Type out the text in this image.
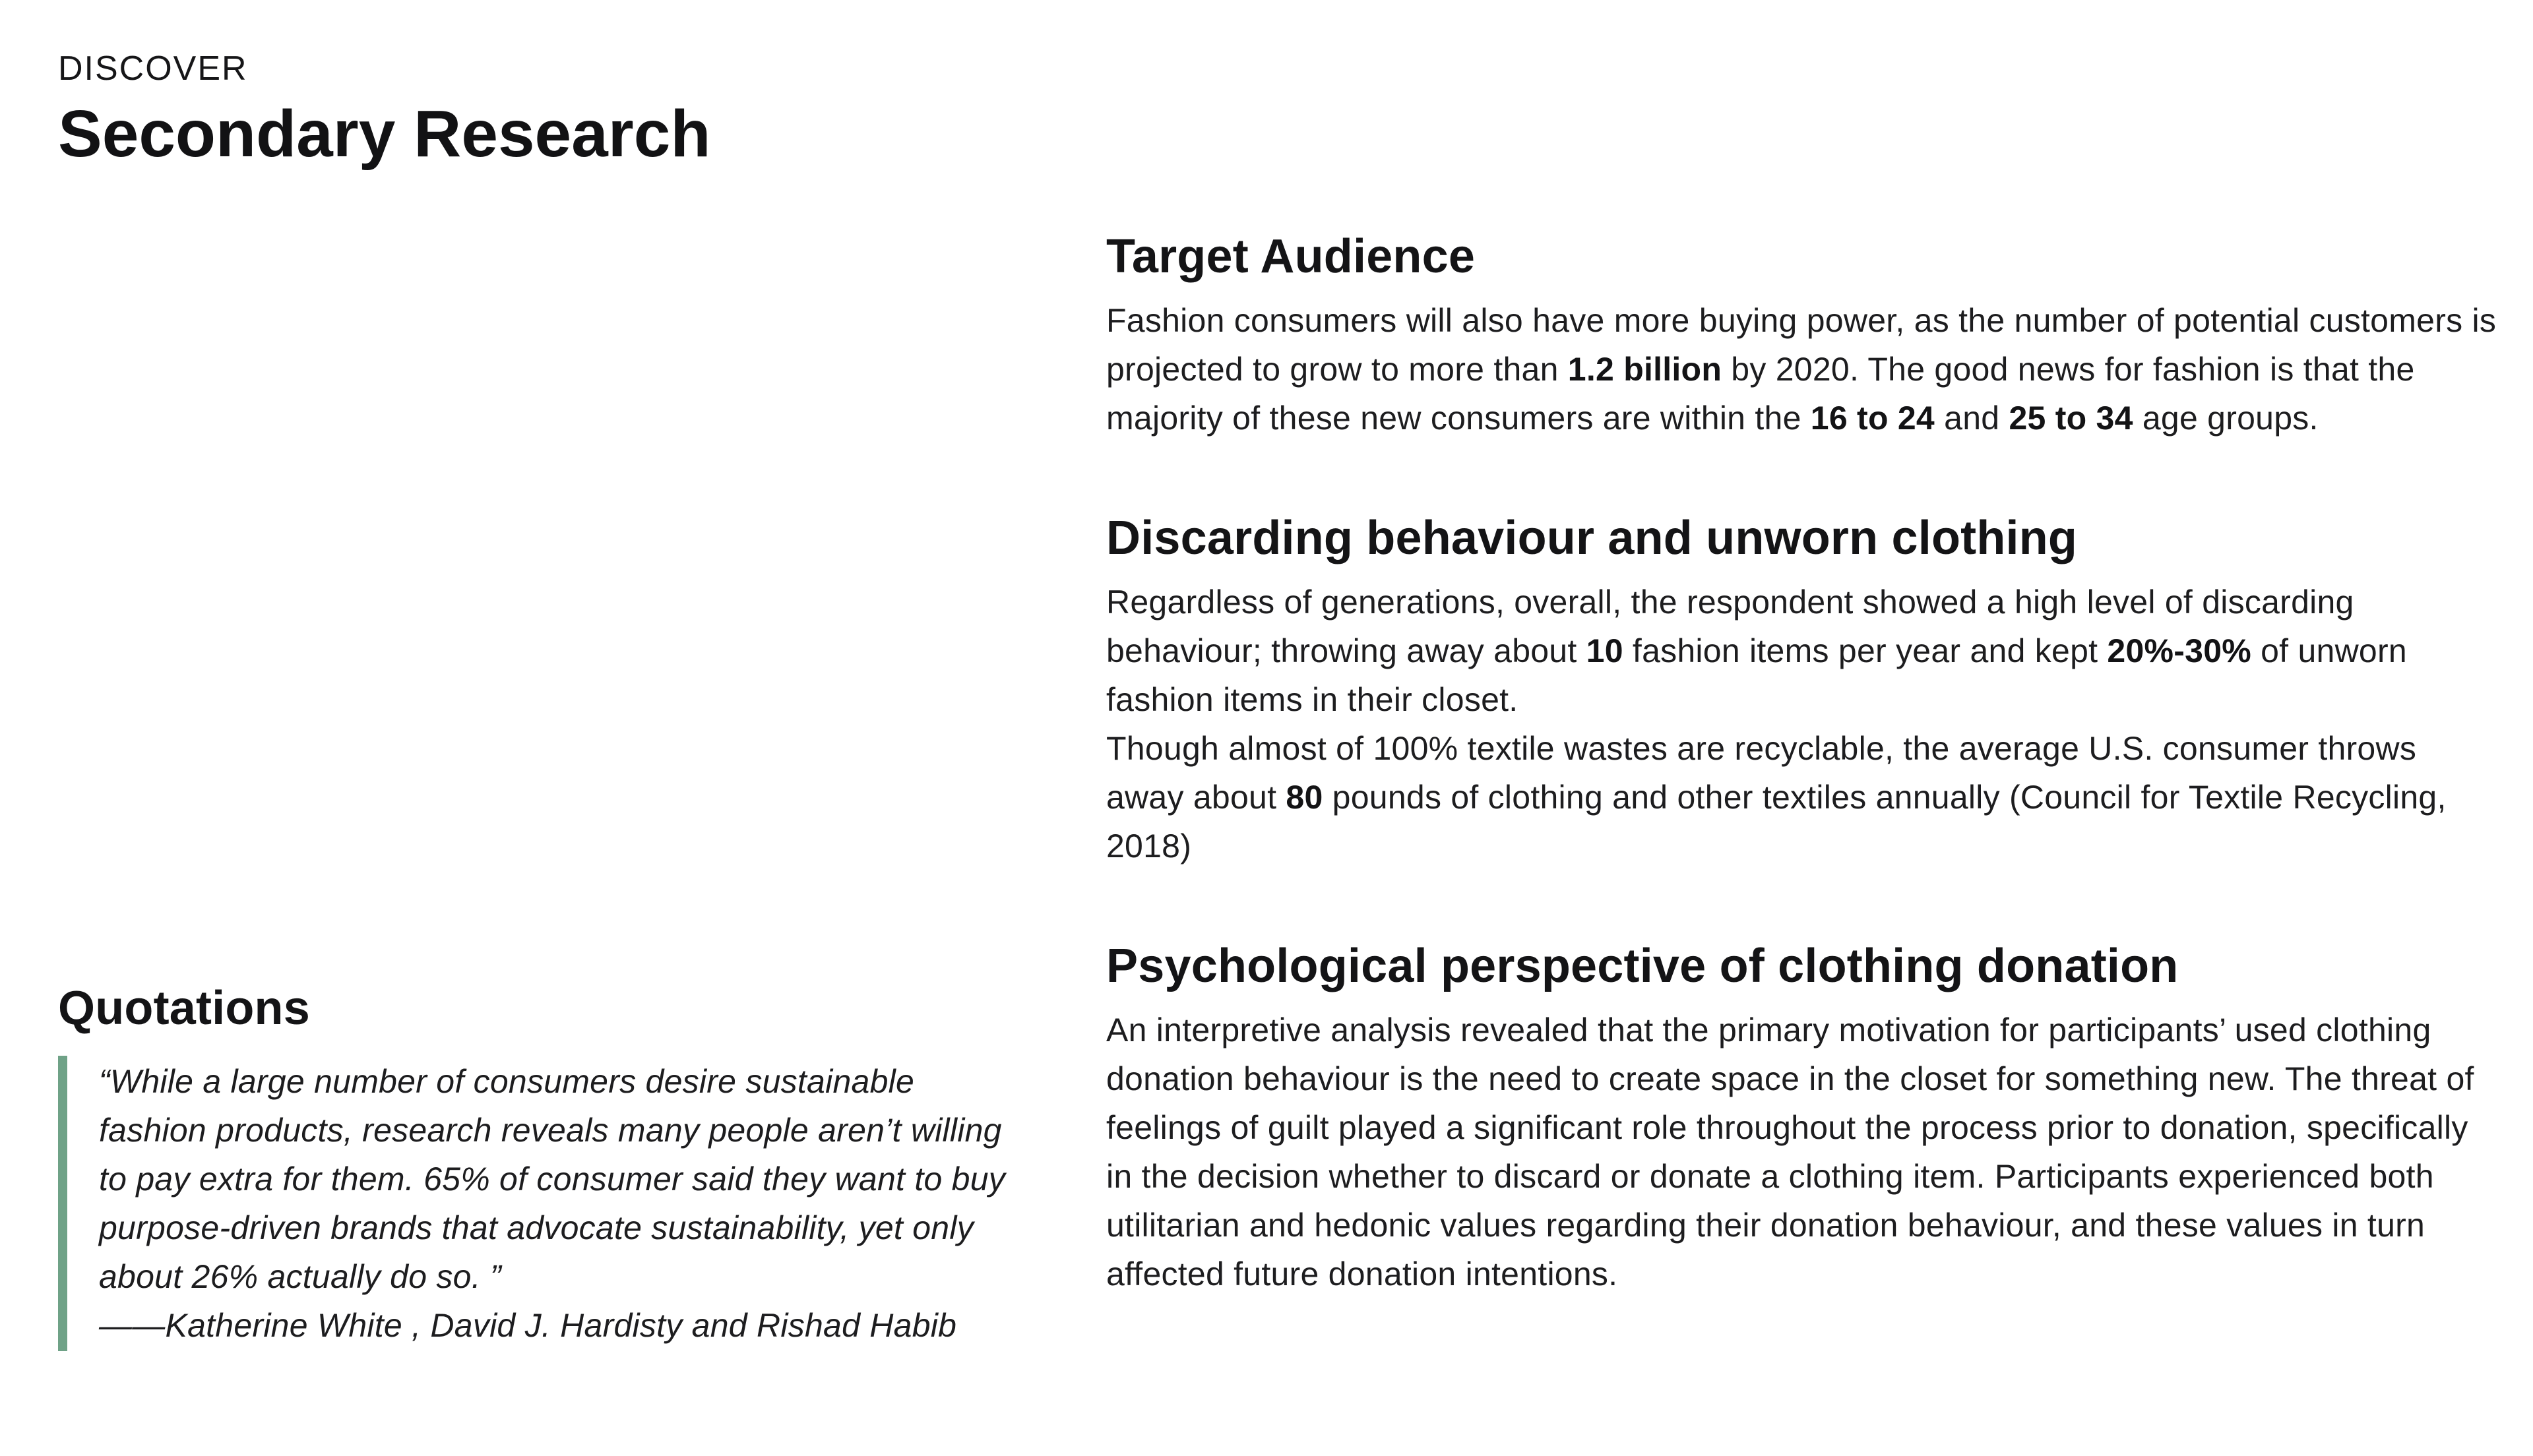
DISCOVER
Secondary Research
Quotations

“While a large number of consumers desire sustainable fashion products, research reveals many people aren’t willing to pay extra for them. 65% of consumer said they want to buy purpose-driven brands that advocate sustainability, yet only about 26% actually do so. ”

——Katherine White , David J. Hardisty and Rishad Habib

Target Audience

Fashion consumers will also have more buying power, as the number of potential customers is projected to grow to more than 1.2 billion by 2020. The good news for fashion is that the majority of these new consumers are within the 16 to 24 and 25 to 34 age groups.

Discarding behaviour and unworn clothing

Regardless of generations, overall, the respondent showed a high level of discarding behaviour; throwing away about 10 fashion items per year and kept 20%-30% of unworn fashion items in their closet.

Though almost of 100% textile wastes are recyclable, the average U.S. consumer throws away about 80 pounds of clothing and other textiles annually (Council for Textile Recycling, 2018)

Psychological perspective of clothing donation

An interpretive analysis revealed that the primary motivation for participants’ used clothing donation behaviour is the need to create space in the closet for something new. The threat of feelings of guilt played a significant role throughout the process prior to donation, specifically in the decision whether to discard or donate a clothing item. Participants experienced both utilitarian and hedonic values regarding their donation behaviour, and these values in turn affected future donation intentions.
